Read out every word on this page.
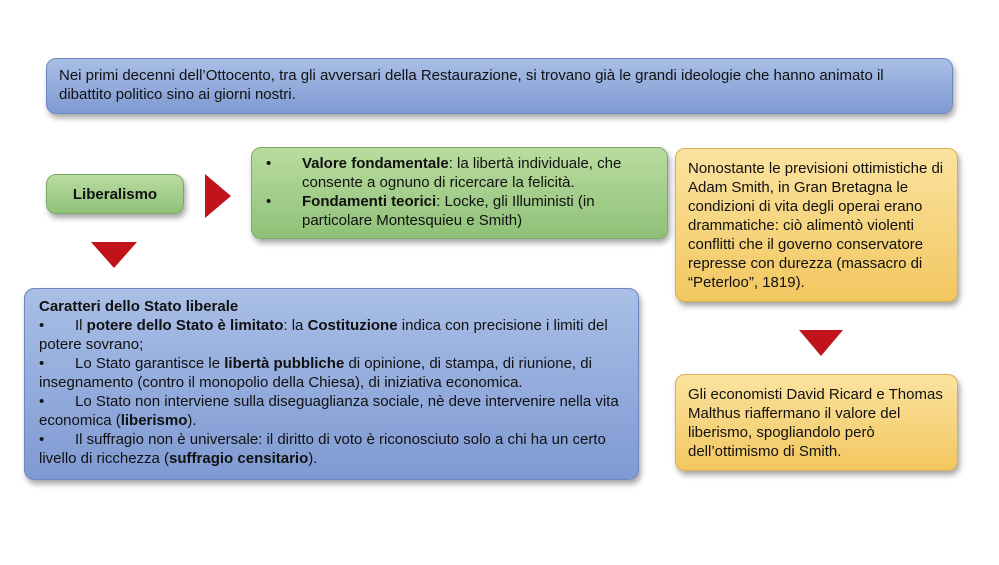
Nei primi decenni dell’Ottocento, tra gli avversari della Restaurazione, si trovano già le grandi ideologie che hanno animato il dibattito politico sino ai giorni nostri.
Liberalismo
•	Valore fondamentale: la libertà individuale, che consente a ognuno di ricercare la felicità.
•	Fondamenti teorici: Locke, gli Illuministi (in particolare Montesquieu e Smith)
Caratteri dello Stato liberale
• Il potere dello Stato è limitato: la Costituzione indica con precisione i limiti del potere sovrano;
• Lo Stato garantisce le libertà pubbliche di opinione, di stampa, di riunione, di insegnamento (contro il monopolio della Chiesa), di iniziativa economica.
• Lo Stato non interviene sulla diseguaglianza sociale, nè deve intervenire nella vita economica (liberismo).
• Il suffragio non è universale: il diritto di voto è riconosciuto solo a chi ha un certo livello di ricchezza (suffragio censitario).
Nonostante le previsioni ottimistiche di Adam Smith, in Gran Bretagna le condizioni di vita degli operai erano drammatiche: ciò alimentò violenti conflitti che il governo conservatore represse con durezza (massacro di “Peterloo”, 1819).
Gli economisti David Ricard e Thomas Malthus riaffermano il valore del liberismo, spogliandolo però dell’ottimismo di Smith.
